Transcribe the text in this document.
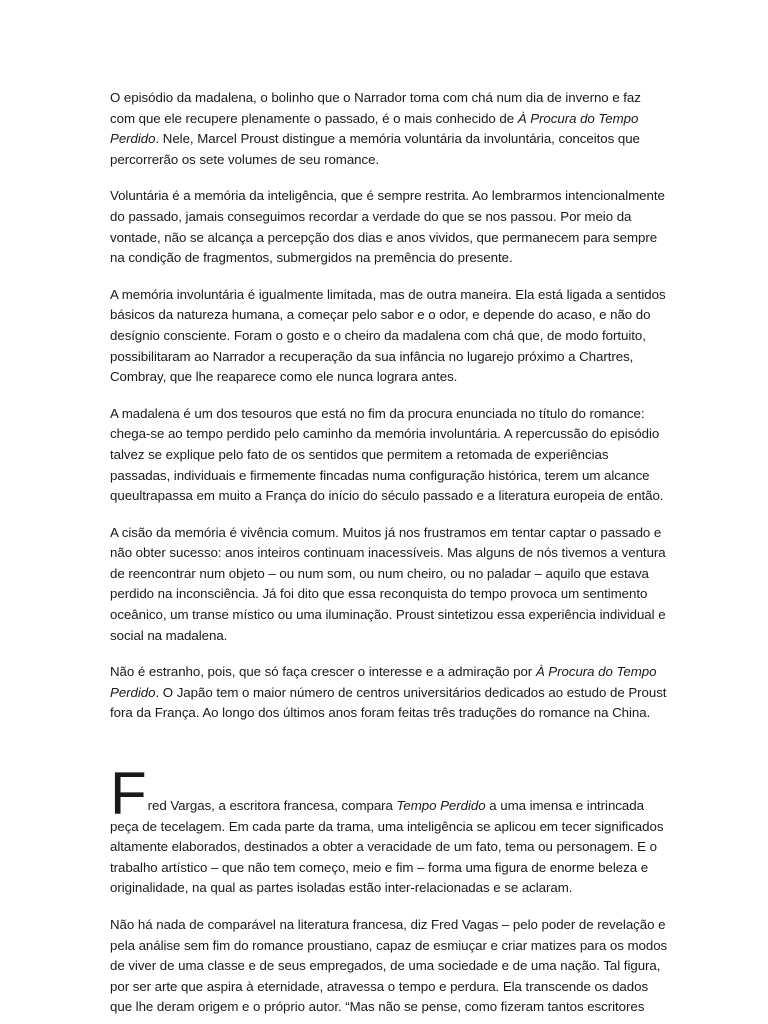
O episódio da madalena, o bolinho que o Narrador toma com chá num dia de inverno e faz com que ele recupere plenamente o passado, é o mais conhecido de À Procura do Tempo Perdido. Nele, Marcel Proust distingue a memória voluntária da involuntária, conceitos que percorrerão os sete volumes de seu romance.

Voluntária é a memória da inteligência, que é sempre restrita. Ao lembrarmos intencionalmente do passado, jamais conseguimos recordar a verdade do que se nos passou. Por meio da vontade, não se alcança a percepção dos dias e anos vividos, que permanecem para sempre na condição de fragmentos, submergidos na premência do presente.

A memória involuntária é igualmente limitada, mas de outra maneira. Ela está ligada a sentidos básicos da natureza humana, a começar pelo sabor e o odor, e depende do acaso, e não do desígnio consciente. Foram o gosto e o cheiro da madalena com chá que, de modo fortuito, possibilitaram ao Narrador a recuperação da sua infância no lugarejo próximo a Chartres, Combray, que lhe reaparece como ele nunca lograra antes.

A madalena é um dos tesouros que está no fim da procura enunciada no título do romance: chega-se ao tempo perdido pelo caminho da memória involuntária. A repercussão do episódio talvez se explique pelo fato de os sentidos que permitem a retomada de experiências passadas, individuais e firmemente fincadas numa configuração histórica, terem um alcance queultrapassa em muito a França do início do século passado e a literatura europeia de então.

A cisão da memória é vivência comum. Muitos já nos frustramos em tentar captar o passado e não obter sucesso: anos inteiros continuam inacessíveis. Mas alguns de nós tivemos a ventura de reencontrar num objeto – ou num som, ou num cheiro, ou no paladar – aquilo que estava perdido na inconsciência. Já foi dito que essa reconquista do tempo provoca um sentimento oceânico, um transe místico ou uma iluminação. Proust sintetizou essa experiência individual e social na madalena.

Não é estranho, pois, que só faça crescer o interesse e a admiração por À Procura do Tempo Perdido. O Japão tem o maior número de centros universitários dedicados ao estudo de Proust fora da França. Ao longo dos últimos anos foram feitas três traduções do romance na China.

Fred Vargas, a escritora francesa, compara Tempo Perdido a uma imensa e intrincada peça de tecelagem. Em cada parte da trama, uma inteligência se aplicou em tecer significados altamente elaborados, destinados a obter a veracidade de um fato, tema ou personagem. E o trabalho artístico – que não tem começo, meio e fim – forma uma figura de enorme beleza e originalidade, na qual as partes isoladas estão inter-relacionadas e se aclaram.

Não há nada de comparável na literatura francesa, diz Fred Vagas – pelo poder de revelação e pela análise sem fim do romance proustiano, capaz de esmiuçar e criar matizes para os modos de viver de uma classe e de seus empregados, de uma sociedade e de uma nação. Tal figura, por ser arte que aspira à eternidade, atravessa o tempo e perdura. Ela transcende os dados que lhe deram origem e o próprio autor. “Mas não se pense, como fizeram tantos escritores
